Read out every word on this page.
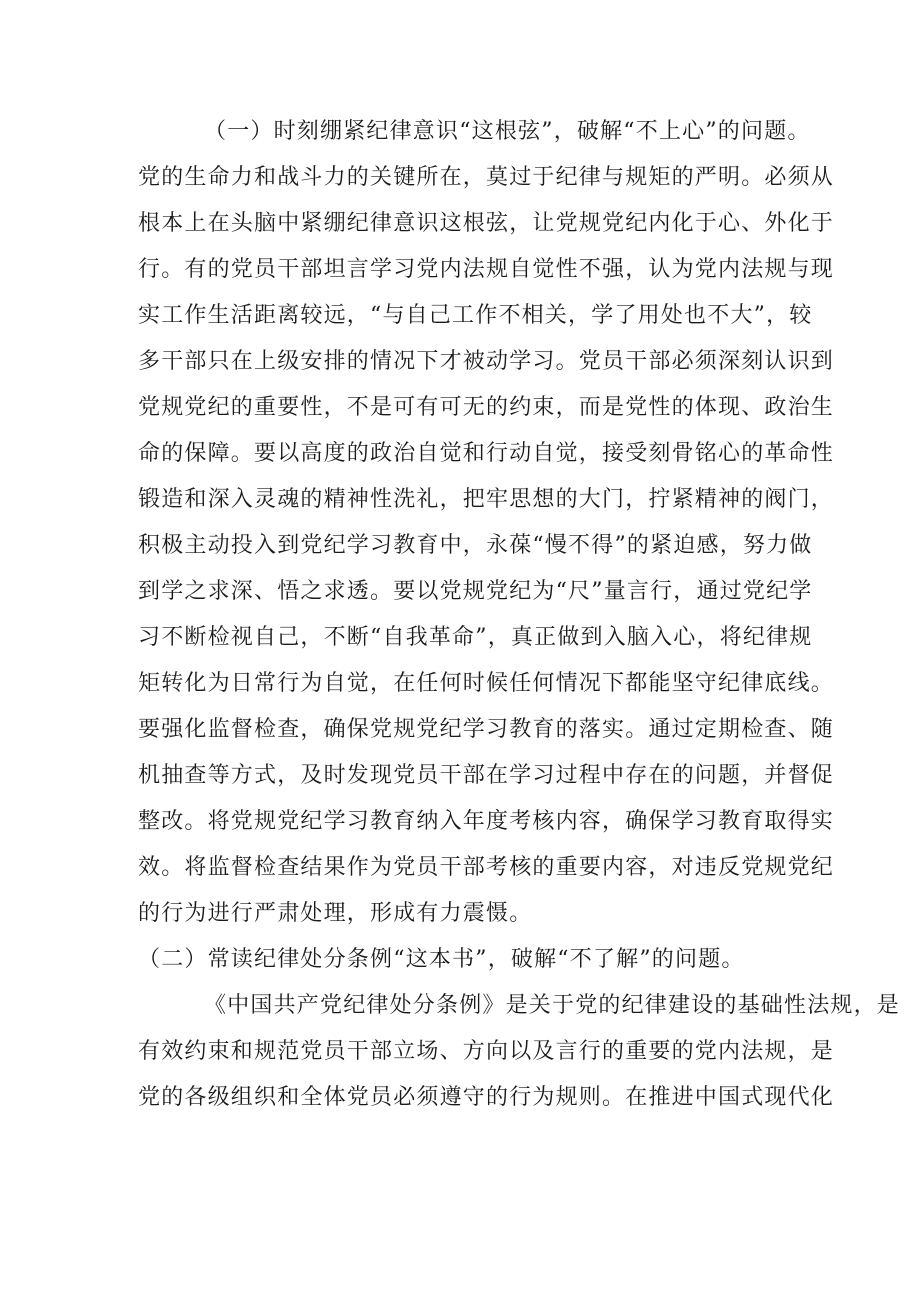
（一）时刻绷紧纪律意识“这根弦”，破解“不上心”的问题。
党的生命力和战斗力的关键所在，莫过于纪律与规矩的严明。必须从
根本上在头脑中紧绷纪律意识这根弦，让党规党纪内化于心、外化于
行。有的党员干部坦言学习党内法规自觉性不强，认为党内法规与现
实工作生活距离较远，“与自己工作不相关，学了用处也不大”，较
多干部只在上级安排的情况下才被动学习。党员干部必须深刻认识到
党规党纪的重要性，不是可有可无的约束，而是党性的体现、政治生
命的保障。要以高度的政治自觉和行动自觉，接受刻骨铭心的革命性
锻造和深入灵魂的精神性洗礼，把牢思想的大门，拧紧精神的阀门，
积极主动投入到党纪学习教育中，永葆“慢不得”的紧迫感，努力做
到学之求深、悟之求透。要以党规党纪为“尺”量言行，通过党纪学
习不断检视自己，不断“自我革命”，真正做到入脑入心，将纪律规
矩转化为日常行为自觉，在任何时候任何情况下都能坚守纪律底线。
要强化监督检查，确保党规党纪学习教育的落实。通过定期检查、随
机抽查等方式，及时发现党员干部在学习过程中存在的问题，并督促
整改。将党规党纪学习教育纳入年度考核内容，确保学习教育取得实
效。将监督检查结果作为党员干部考核的重要内容，对违反党规党纪
的行为进行严肃处理，形成有力震慑。
（二）常读纪律处分条例“这本书”，破解“不了解”的问题。
《中国共产党纪律处分条例》是关于党的纪律建设的基础性法规，是
有效约束和规范党员干部立场、方向以及言行的重要的党内法规，是
党的各级组织和全体党员必须遵守的行为规则。在推进中国式现代化
